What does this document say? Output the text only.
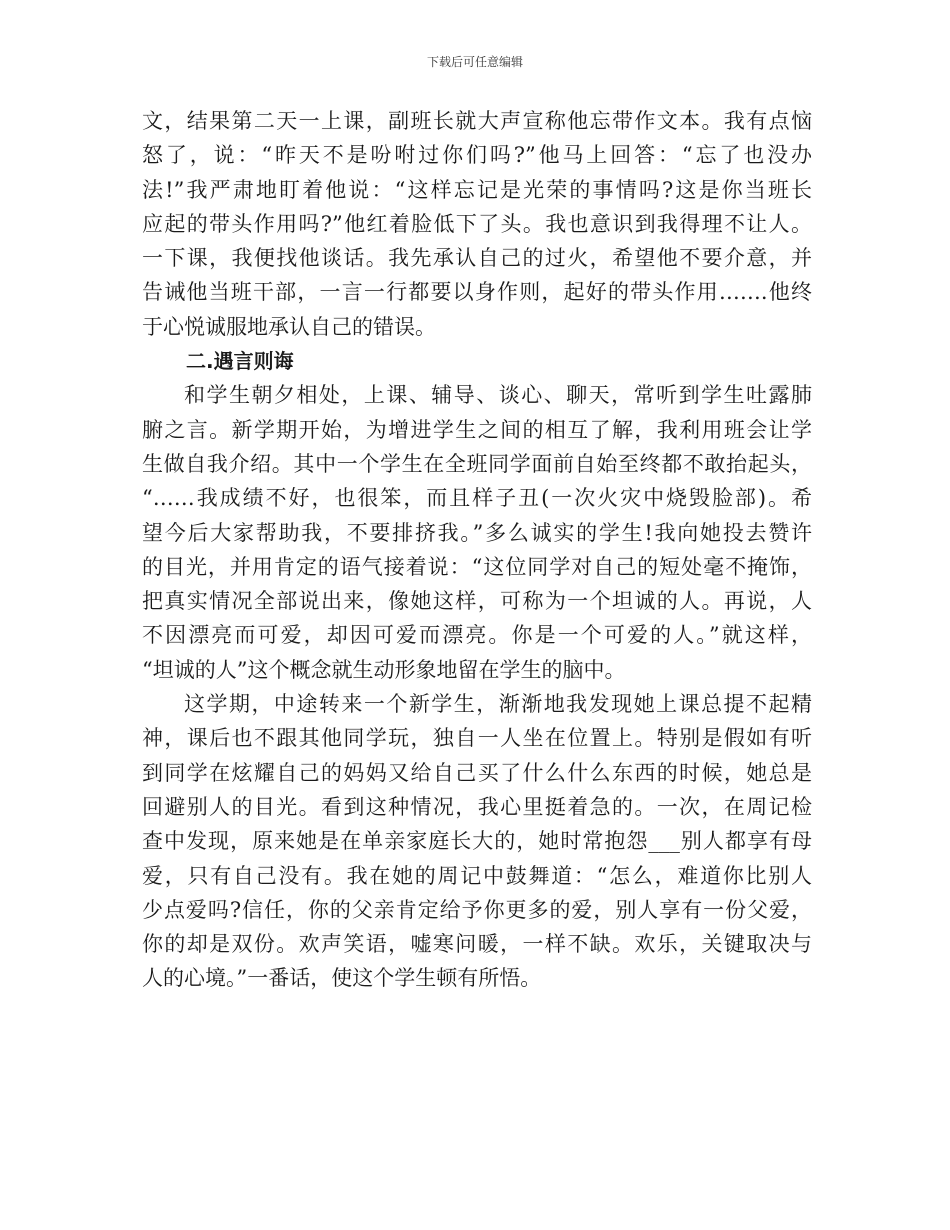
下载后可任意编辑
文，结果第二天一上课，副班长就大声宣称他忘带作文本。我有点恼
怒了，说：“昨天不是吩咐过你们吗?”他马上回答：“忘了也没办
法!”我严肃地盯着他说：“这样忘记是光荣的事情吗?这是你当班长
应起的带头作用吗?”他红着脸低下了头。我也意识到我得理不让人。
一下课，我便找他谈话。我先承认自己的过火，希望他不要介意，并
告诫他当班干部，一言一行都要以身作则，起好的带头作用…….他终
于心悦诚服地承认自己的错误。
二.遇言则诲
和学生朝夕相处，上课、辅导、谈心、聊天，常听到学生吐露肺
腑之言。新学期开始，为增进学生之间的相互了解，我利用班会让学
生做自我介绍。其中一个学生在全班同学面前自始至终都不敢抬起头，
“……我成绩不好，也很笨，而且样子丑(一次火灾中烧毁脸部)。希
望今后大家帮助我，不要排挤我。”多么诚实的学生!我向她投去赞许
的目光，并用肯定的语气接着说：“这位同学对自己的短处毫不掩饰，
把真实情况全部说出来，像她这样，可称为一个坦诚的人。再说，人
不因漂亮而可爱，却因可爱而漂亮。你是一个可爱的人。”就这样，
“坦诚的人”这个概念就生动形象地留在学生的脑中。
这学期，中途转来一个新学生，渐渐地我发现她上课总提不起精
神，课后也不跟其他同学玩，独自一人坐在位置上。特别是假如有听
到同学在炫耀自己的妈妈又给自己买了什么什么东西的时候，她总是
回避别人的目光。看到这种情况，我心里挺着急的。一次，在周记检
查中发现，原来她是在单亲家庭长大的，她时常抱怨___别人都享有母
爱，只有自己没有。我在她的周记中鼓舞道：“怎么，难道你比别人
少点爱吗?信任，你的父亲肯定给予你更多的爱，别人享有一份父爱，
你的却是双份。欢声笑语，嘘寒问暖，一样不缺。欢乐，关键取决与
人的心境。”一番话，使这个学生顿有所悟。
